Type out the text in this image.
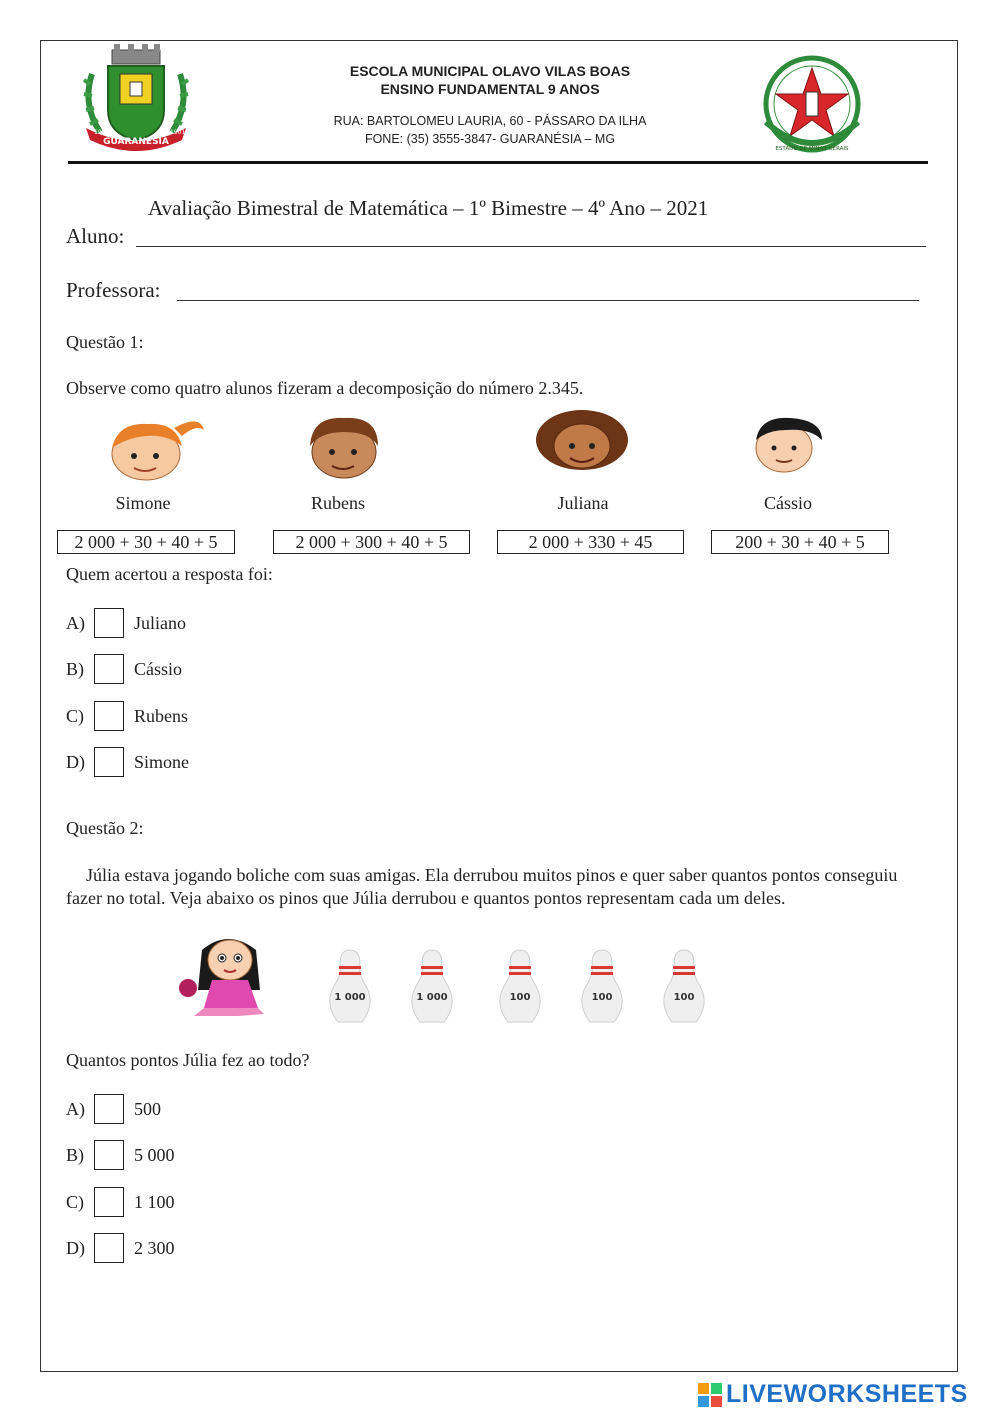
GUARANESIA
1911	1901
ESCOLA MUNICIPAL OLAVO VILAS BOAS
ENSINO FUNDAMENTAL 9 ANOS
RUA: BARTOLOMEU LAURIA, 60 - PÁSSARO DA ILHA
FONE: (35) 3555-3847- GUARANÉSIA – MG
ESTADO DE MINAS GERAIS
Avaliação Bimestral de Matemática – 1º Bimestre – 4º Ano – 2021
Aluno:
Professora:
Questão 1:
Observe como quatro alunos fizeram a decomposição do número 2.345.
Simone	Rubens	Juliana	Cássio
2 000 + 30 + 40 + 5	2 000 + 300 + 40 + 5	2 000 + 330 + 45	200 + 30 + 40 + 5
Quem acertou a resposta foi:
A)	Juliano
B)	Cássio
C)	Rubens
D)	Simone
Questão 2:
Júlia estava jogando boliche com suas amigas. Ela derrubou muitos pinos e quer saber quantos pontos conseguiu fazer no total. Veja abaixo os pinos que Júlia derrubou e quantos pontos representam cada um deles.
1 000	1 000	100	100	100
Quantos pontos Júlia fez ao todo?
A)	500
B)	5 000
C)	1 100
D)	2 300
LIVEWORKSHEETS
